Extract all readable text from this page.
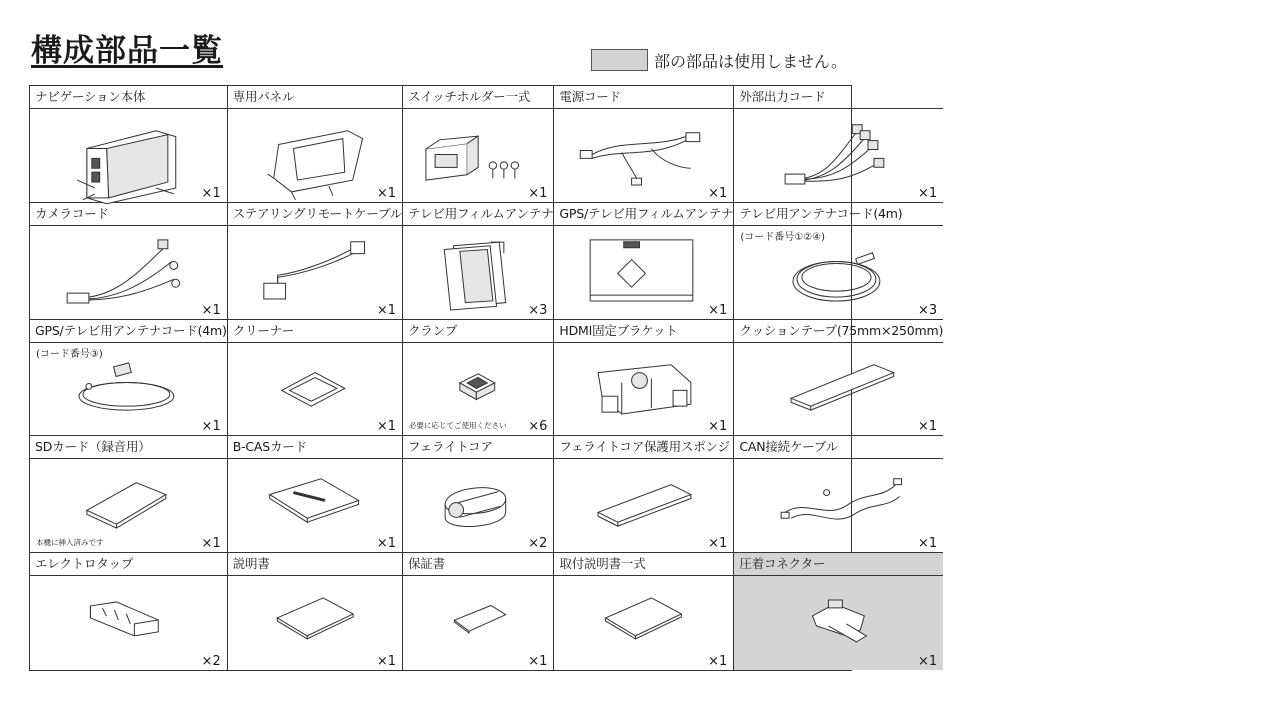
構成部品一覧	部の部品は使用しません。
ナビゲーション本体
×1
専用パネル
×1
スイッチホルダー一式
×1
電源コード
×1
外部出力コード
×1
カメラコード
×1
ステアリングリモートケーブル
×1
テレビ用フィルムアンテナ
×3
GPS/テレビ用フィルムアンテナ
×1
テレビ用アンテナコード(4m)
(コード番号①②④)
×3
GPS/テレビ用アンテナコード(4m)
(コード番号③)
×1
クリーナー
×1
クランプ
必要に応じてご使用ください ×6
HDMI固定ブラケット
×1
クッションテープ(75mm×250mm)
×1
SDカード（録音用）
本機に挿入済みです	×1
B-CASカード
×1
フェライトコア
×2
フェライトコア保護用スポンジ
×1
CAN接続ケーブル
×1
エレクトロタップ
×2
説明書
×1
保証書
×1
取付説明書一式
×1
圧着コネクター
×1
